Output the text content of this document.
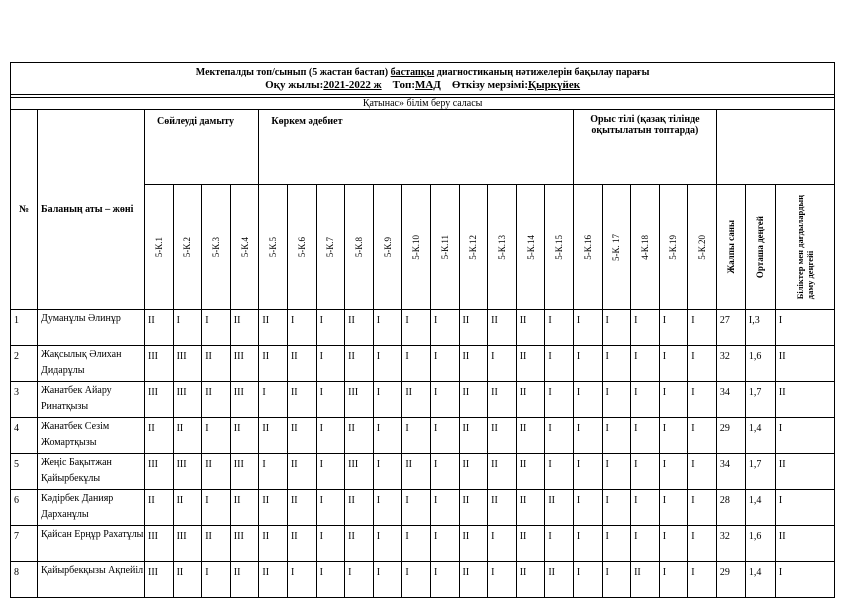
Мектепалды топ/сынып (5 жастан бастап) бастапқы диагностиканың нәтижелерін бақылау парағы
Оқу жылы:2021-2022 ж Топ:МАД Өткізу мерзімі:Қыркүйек																								

Қатынас» білім беру саласы																								
№	Баланың аты – жөні	Сөйлеуді дамыту				Көркем әдебиет											Орыс тілі (қазақ тілінде оқытылатын топтарда)							

		5-К.1	5-К.2	5-К.3	5-К.4	5-К.5	5-К.6	5-К.7	5-К.8	5-К.9	5-К.10	5-К.11	5-К.12	5-К.13	5-К.14	5-К.15	5-К.16	5-К. 17	4-К.18	5-К.19	5-К.20	Жалпы саны	Орташа деңгей	Біліктер мен дағдылардың
даму деңгейі

1	Думанұлы Әлинұр	II	I	I	II	II	I	I	II	I	I	I	II	II	II	I	I	I	I	I	I	27	I,3	I
2	Жақсылық Әлихан Дидарұлы	III	III	II	III	II	II	I	II	I	I	I	II	I	II	I	I	I	I	I	I	32	1,6	II
3	Жанатбек Айару Ринатқызы	III	III	II	III	I	II	I	III	I	II	I	II	II	II	I	I	I	I	I	I	34	1,7	II
4	Жанатбек Сезім Жомартқызы	II	II	I	II	II	II	I	II	I	I	I	II	II	II	I	I	I	I	I	I	29	1,4	I
5	Жеңіс Бақытжан Қайырбекұлы	III	III	II	III	I	II	I	III	I	II	I	II	II	II	I	I	I	I	I	I	34	1,7	II
6	Кәдірбек Данияр Дарханұлы	II	II	I	II	II	II	I	II	I	I	I	II	II	II	II	I	I	I	I	I	28	1,4	I
7	Қайсан Ерңұр Рахатұлы	III	III	II	III	II	II	I	II	I	I	I	II	I	II	I	I	I	I	I	I	32	1,6	II
8	Қайырбекқызы Ақпейіл	III	II	I	II	II	I	I	I	I	I	I	II	I	II	II	I	I	II	I	I	29	1,4	I
